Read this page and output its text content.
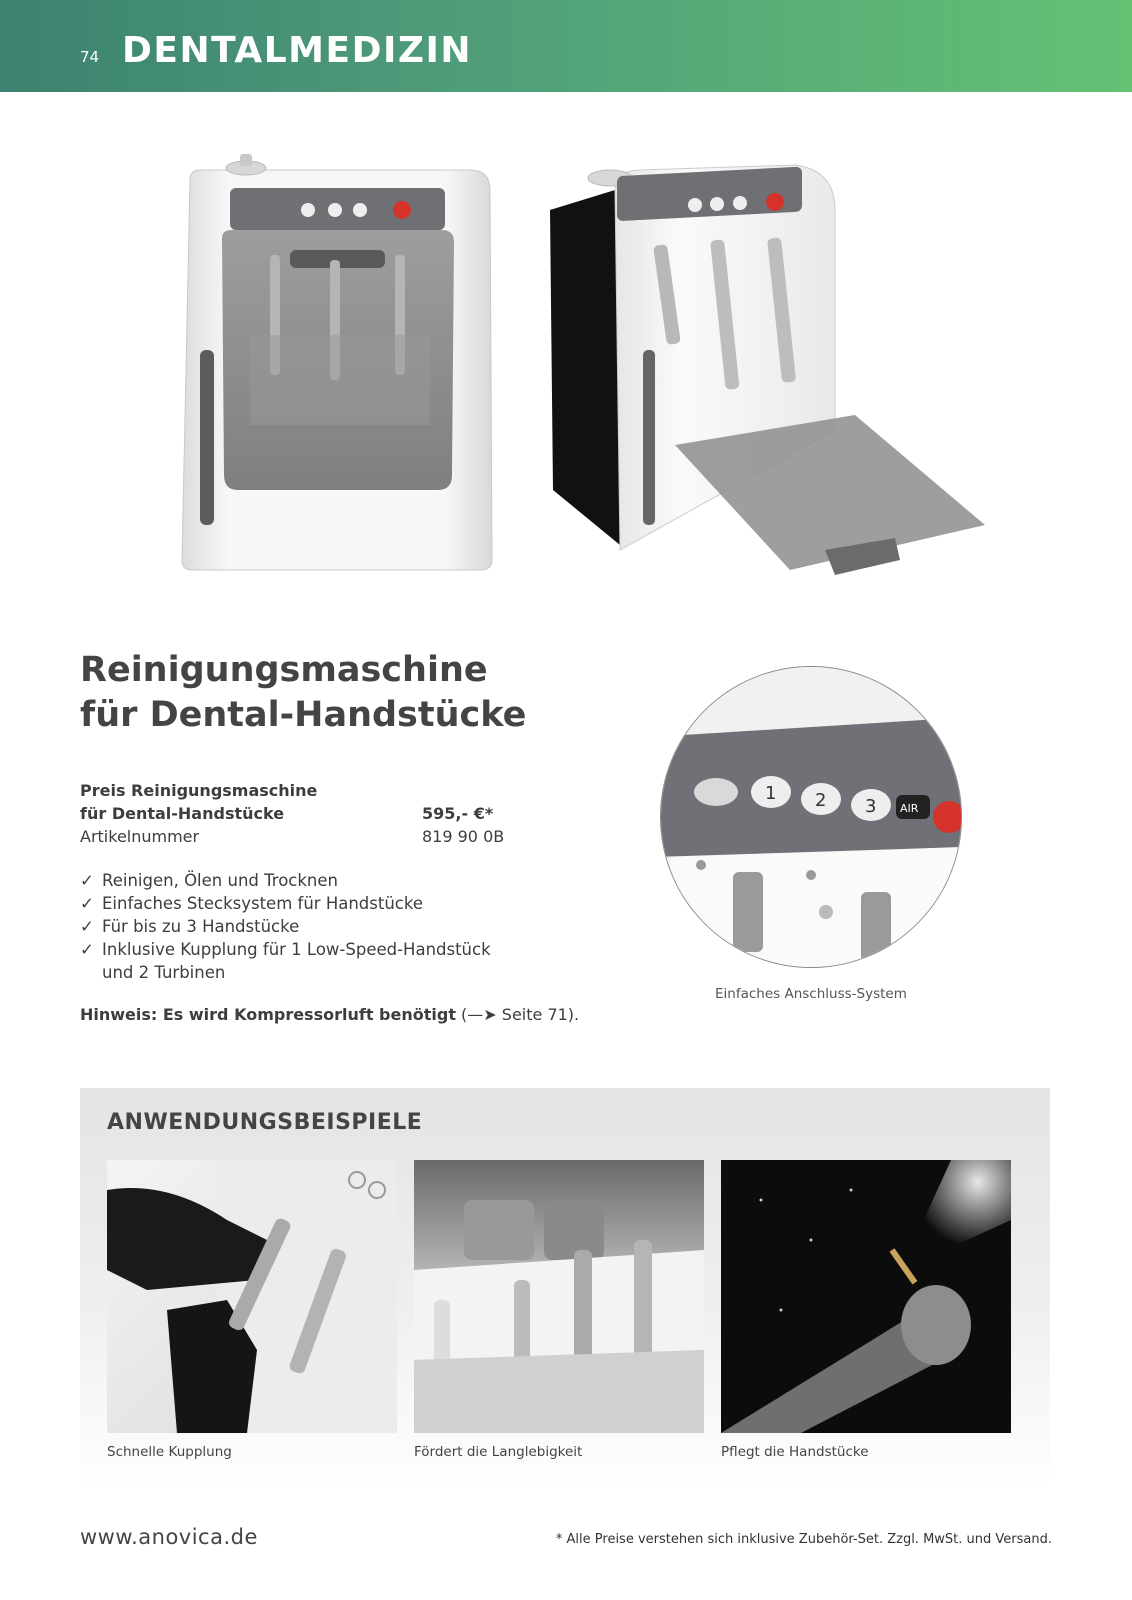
74 DENTALMEDIZIN
Reinigungsmaschine
für Dental-Handstücke
Preis Reinigungsmaschine
für Dental-Handstücke	595,- €*
Artikelnummer	819 90 0B
✓ Reinigen, Ölen und Trocknen
✓ Einfaches Stecksystem für Handstücke
✓ Für bis zu 3 Handstücke
✓ Inklusive Kupplung für 1 Low-Speed-Handstück
und 2 Turbinen
Hinweis: Es wird Kompressorluft benötigt (—➤ Seite 71).
1 2 3 AIR
Einfaches Anschluss-System
ANWENDUNGSBEISPIELE
Schnelle Kupplung	Fördert die Langlebigkeit	Pflegt die Handstücke
www.anovica.de	* Alle Preise verstehen sich inklusive Zubehör-Set. Zzgl. MwSt. und Versand.
